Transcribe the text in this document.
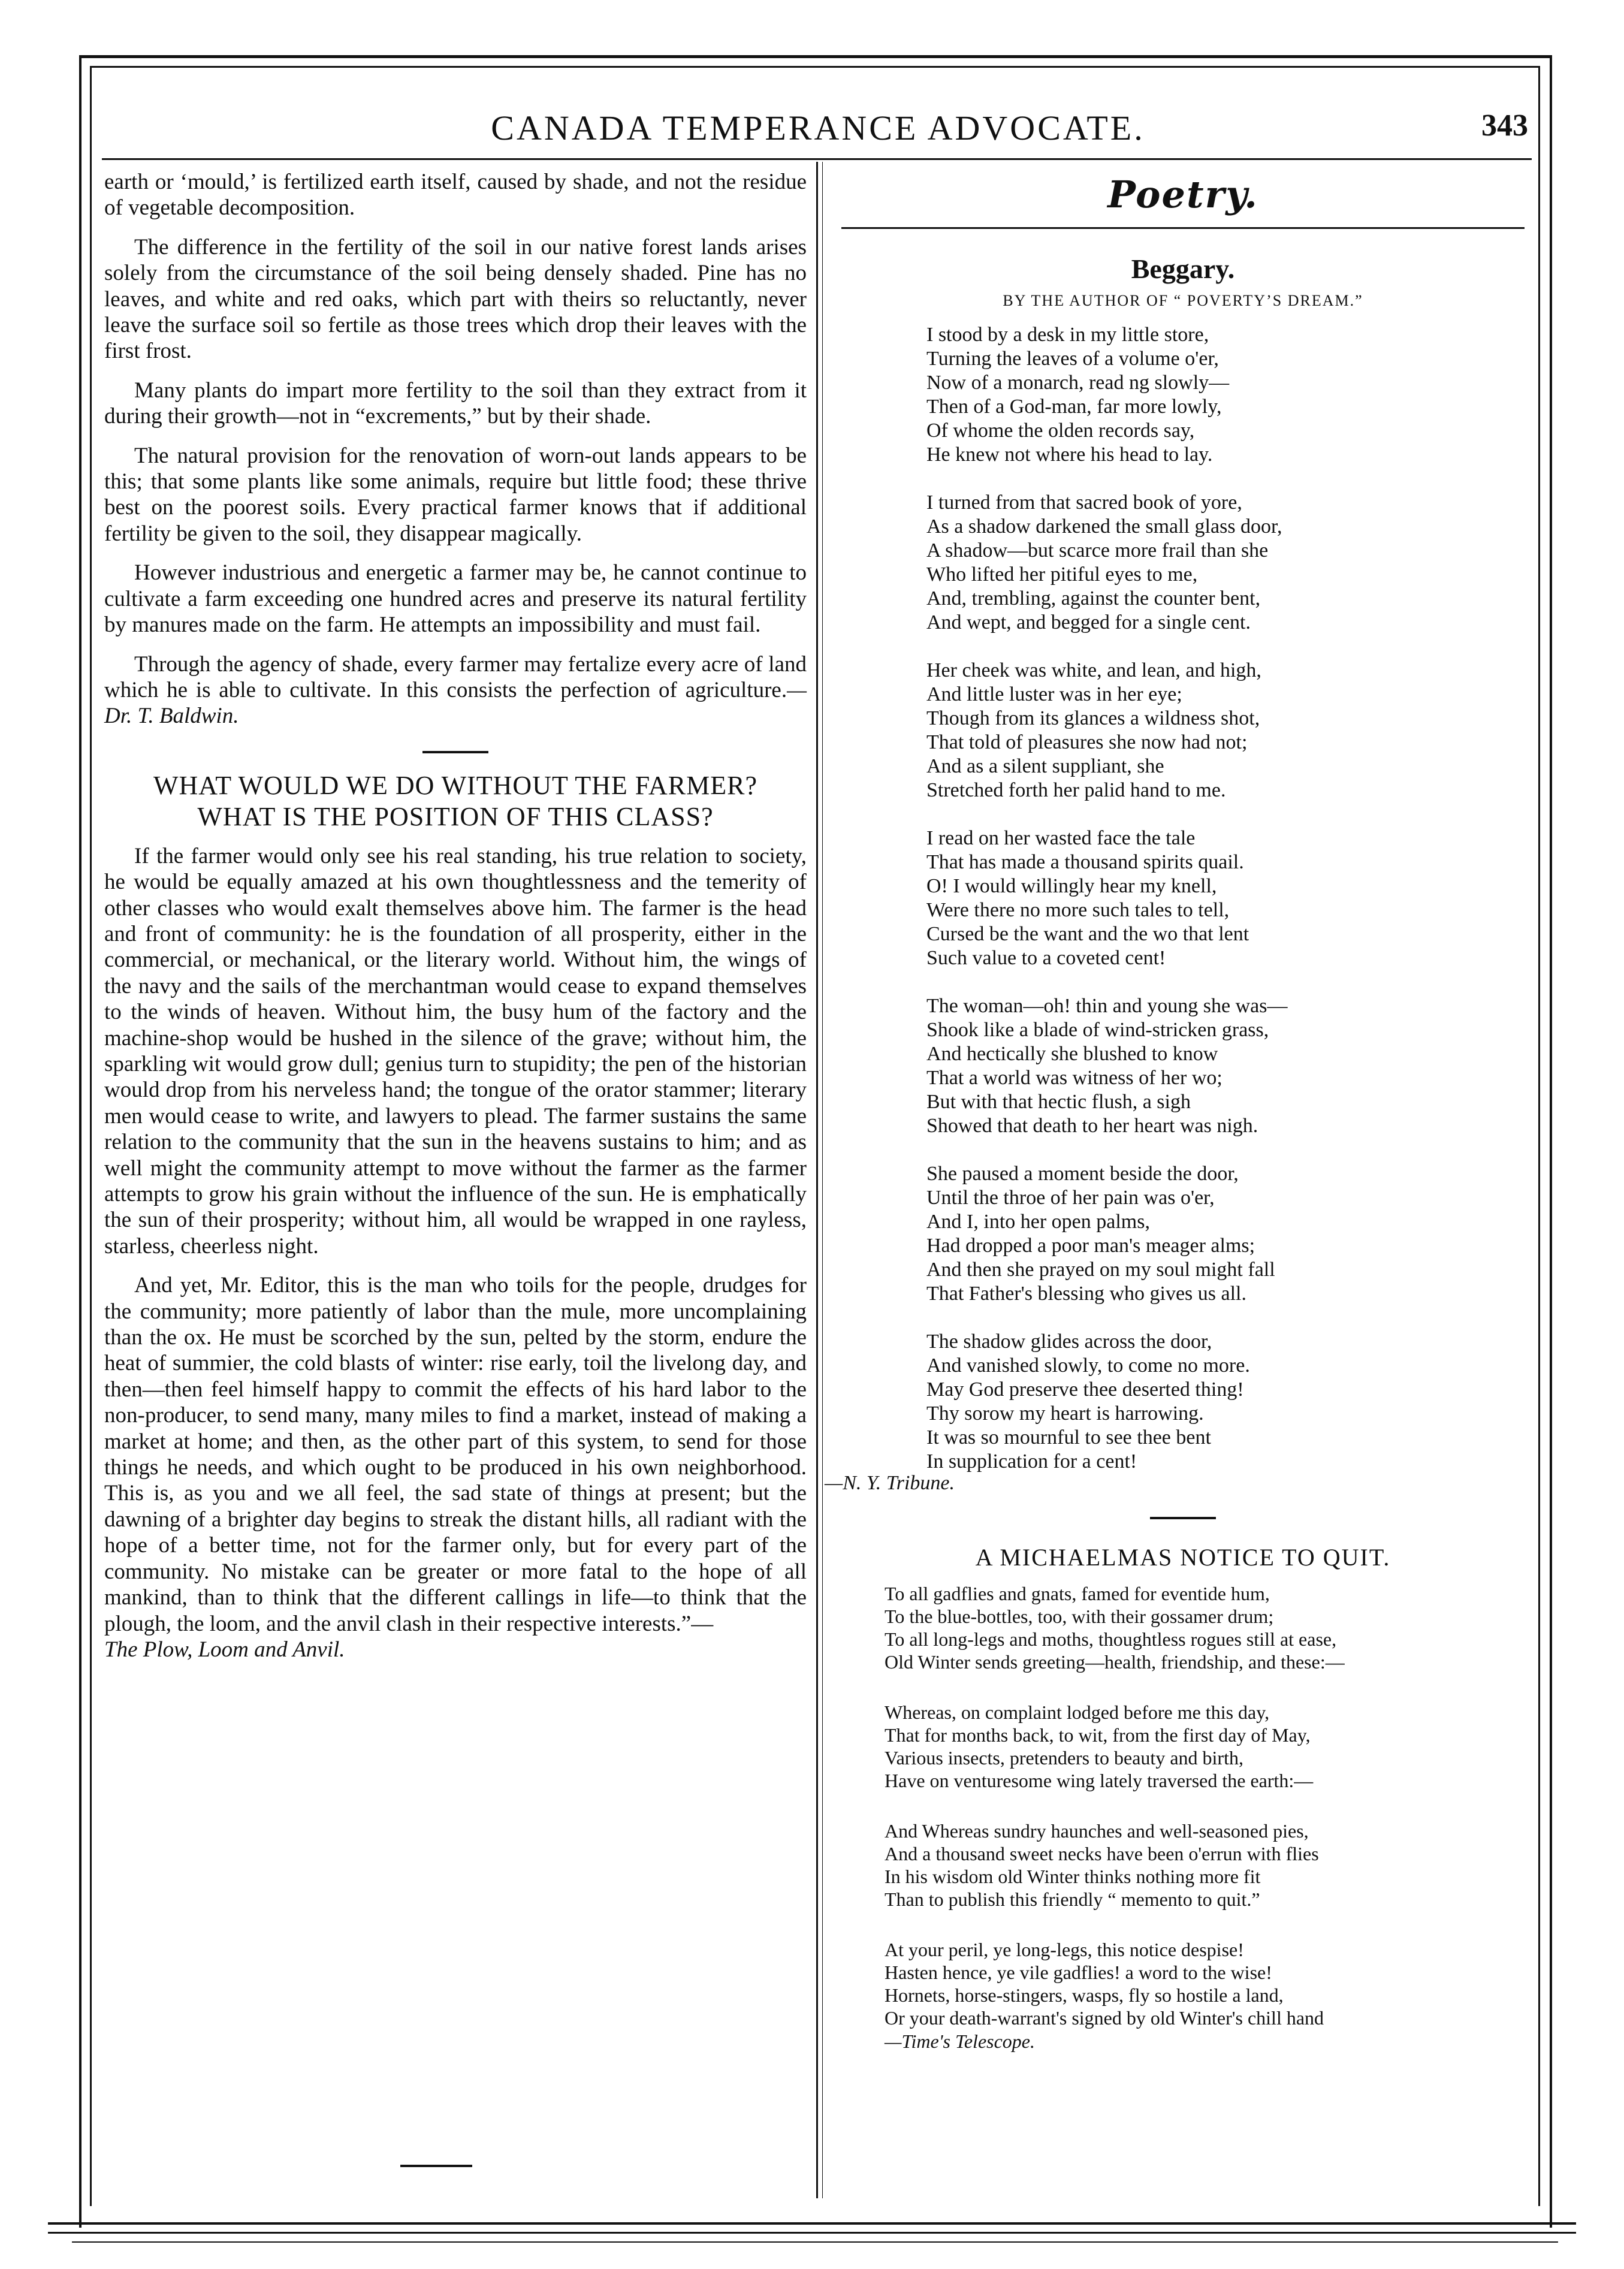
CANADA TEMPERANCE ADVOCATE.	343

earth or ‘mould,’ is fertilized earth itself, caused by shade, and not the residue of vegetable decomposition.

The difference in the fertility of the soil in our native forest lands arises solely from the circumstance of the soil being densely shaded. Pine has no leaves, and white and red oaks, which part with theirs so reluctantly, never leave the surface soil so fertile as those trees which drop their leaves with the first frost.

Many plants do impart more fertility to the soil than they extract from it during their growth—not in “excrements,” but by their shade.

The natural provision for the renovation of worn-out lands appears to be this; that some plants like some animals, require but little food; these thrive best on the poorest soils. Every practical farmer knows that if additional fertility be given to the soil, they disappear magically.

However industrious and energetic a farmer may be, he cannot continue to cultivate a farm exceeding one hundred acres and preserve its natural fertility by manures made on the farm. He attempts an impossibility and must fail.

Through the agency of shade, every farmer may fertalize every acre of land which he is able to cultivate. In this consists the perfection of agriculture.— Dr. T. Baldwin.

WHAT WOULD WE DO WITHOUT THE FARMER?
WHAT IS THE POSITION OF THIS CLASS?

If the farmer would only see his real standing, his true relation to society, he would be equally amazed at his own thoughtlessness and the temerity of other classes who would exalt themselves above him. The farmer is the head and front of community: he is the foundation of all prosperity, either in the commercial, or mechanical, or the literary world. Without him, the wings of the navy and the sails of the merchantman would cease to expand themselves to the winds of heaven. Without him, the busy hum of the factory and the machine-shop would be hushed in the silence of the grave; without him, the sparkling wit would grow dull; genius turn to stupidity; the pen of the historian would drop from his nerveless hand; the tongue of the orator stammer; literary men would cease to write, and lawyers to plead. The farmer sustains the same relation to the community that the sun in the heavens sustains to him; and as well might the community attempt to move without the farmer as the farmer attempts to grow his grain without the influence of the sun. He is emphatically the sun of their prosperity; without him, all would be wrapped in one rayless, starless, cheerless night.

And yet, Mr. Editor, this is the man who toils for the people, drudges for the community; more patiently of labor than the mule, more uncomplaining than the ox. He must be scorched by the sun, pelted by the storm, endure the heat of summier, the cold blasts of winter: rise early, toil the livelong day, and then—then feel himself happy to commit the effects of his hard labor to the non-producer, to send many, many miles to find a market, instead of making a market at home; and then, as the other part of this system, to send for those things he needs, and which ought to be produced in his own neighborhood. This is, as you and we all feel, the sad state of things at present; but the dawning of a brighter day begins to streak the distant hills, all radiant with the hope of a better time, not for the farmer only, but for every part of the community. No mistake can be greater or more fatal to the hope of all mankind, than to think that the different callings in life—to think that the plough, the loom, and the anvil clash in their respective interests.”—

The Plow, Loom and Anvil.

Poetry.
Beggary.
BY THE AUTHOR OF “ POVERTY’S DREAM.”
I stood by a desk in my little store,
Turning the leaves of a volume o'er,
Now of a monarch, read ng slowly—
Then of a God-man, far more lowly,
Of whome the olden records say,
He knew not where his head to lay.
I turned from that sacred book of yore,
As a shadow darkened the small glass door,
A shadow—but scarce more frail than she
Who lifted her pitiful eyes to me,
And, trembling, against the counter bent,
And wept, and begged for a single cent.
Her cheek was white, and lean, and high,
And little luster was in her eye;
Though from its glances a wildness shot,
That told of pleasures she now had not;
And as a silent suppliant, she
Stretched forth her palid hand to me.
I read on her wasted face the tale
That has made a thousand spirits quail.
O! I would willingly hear my knell,
Were there no more such tales to tell,
Cursed be the want and the wo that lent
Such value to a coveted cent!
The woman—oh! thin and young she was—
Shook like a blade of wind-stricken grass,
And hectically she blushed to know
That a world was witness of her wo;
But with that hectic flush, a sigh
Showed that death to her heart was nigh.
She paused a moment beside the door,
Until the throe of her pain was o'er,
And I, into her open palms,
Had dropped a poor man's meager alms;
And then she prayed on my soul might fall
That Father's blessing who gives us all.
The shadow glides across the door,
And vanished slowly, to come no more.
May God preserve thee deserted thing!
Thy sorow my heart is harrowing.
It was so mournful to see thee bent
In supplication for a cent!
—N. Y. Tribune.
A MICHAELMAS NOTICE TO QUIT.
To all gadflies and gnats, famed for eventide hum,
To the blue-bottles, too, with their gossamer drum;
To all long-legs and moths, thoughtless rogues still at ease,
Old Winter sends greeting—health, friendship, and these:—
Whereas, on complaint lodged before me this day,
That for months back, to wit, from the first day of May,
Various insects, pretenders to beauty and birth,
Have on venturesome wing lately traversed the earth:—
And Whereas sundry haunches and well-seasoned pies,
And a thousand sweet necks have been o'errun with flies
In his wisdom old Winter thinks nothing more fit
Than to publish this friendly “ memento to quit.”
At your peril, ye long-legs, this notice despise!
Hasten hence, ye vile gadflies! a word to the wise!
Hornets, horse-stingers, wasps, fly so hostile a land,
Or your death-warrant's signed by old Winter's chill hand
—Time's Telescope.
